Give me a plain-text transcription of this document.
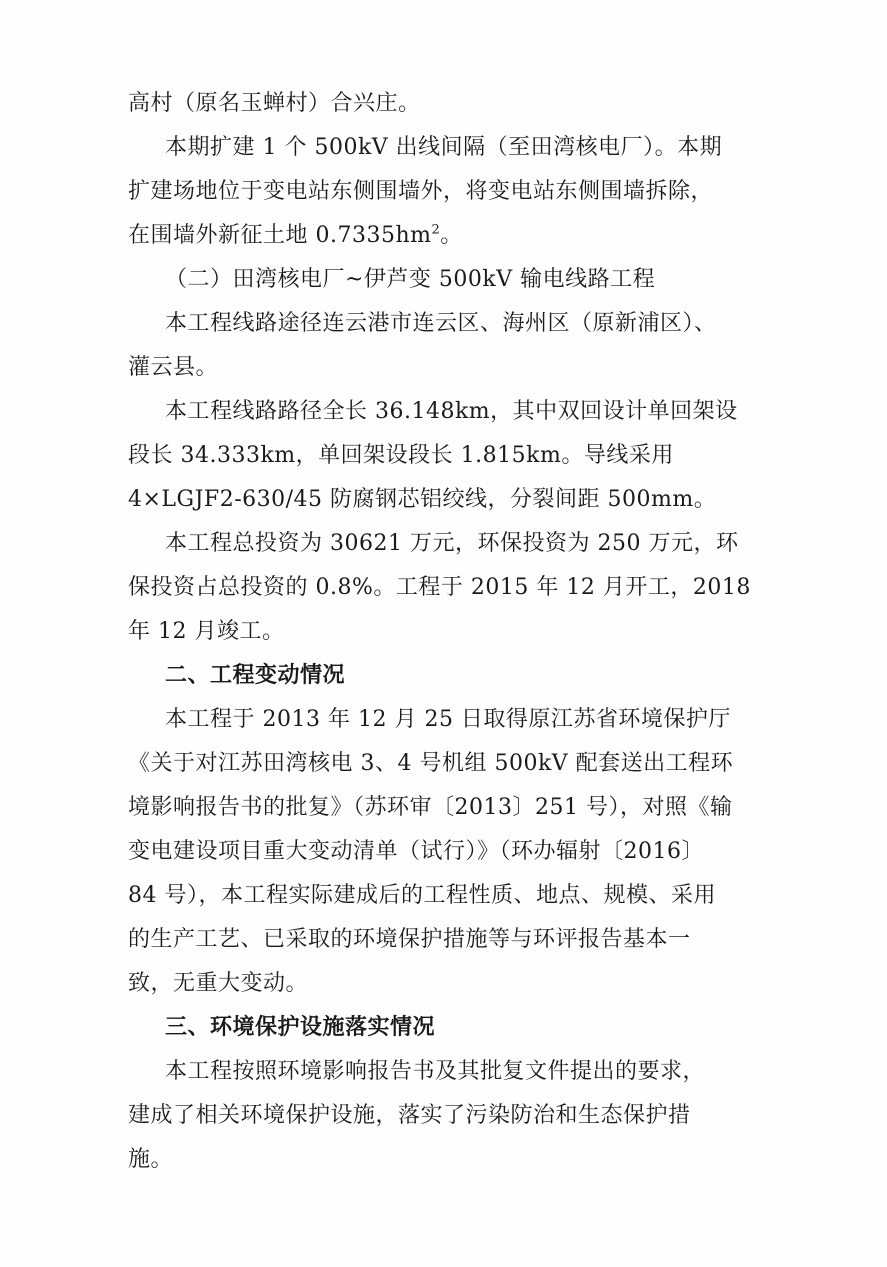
高村（原名玉蝉村）合兴庄。
本期扩建 1 个 500kV 出线间隔（至田湾核电厂）。本期
扩建场地位于变电站东侧围墙外，将变电站东侧围墙拆除，
在围墙外新征土地 $0.7335hm^2$。
（二）田湾核电厂~伊芦变 500kV 输电线路工程
本工程线路途径连云港市连云区、海州区（原新浦区）、
灌云县。
本工程线路路径全长 36.148km，其中双回设计单回架设
段长 34.333km，单回架设段长 1.815km。导线采用
4×LGJF2-630/45 防腐钢芯铝绞线，分裂间距 500mm。
本工程总投资为 30621 万元，环保投资为 250 万元，环
保投资占总投资的 0.8%。工程于 2015 年 12 月开工，2018
年 12 月竣工。
二、工程变动情况
本工程于 2013 年 12 月 25 日取得原江苏省环境保护厅
《关于对江苏田湾核电 3、4 号机组 500kV 配套送出工程环
境影响报告书的批复》（苏环审〔2013〕251 号），对照《输
变电建设项目重大变动清单（试行）》（环办辐射〔2016〕
84 号），本工程实际建成后的工程性质、地点、规模、采用
的生产工艺、已采取的环境保护措施等与环评报告基本一
致，无重大变动。
三、环境保护设施落实情况
本工程按照环境影响报告书及其批复文件提出的要求，
建成了相关环境保护设施，落实了污染防治和生态保护措
施。
